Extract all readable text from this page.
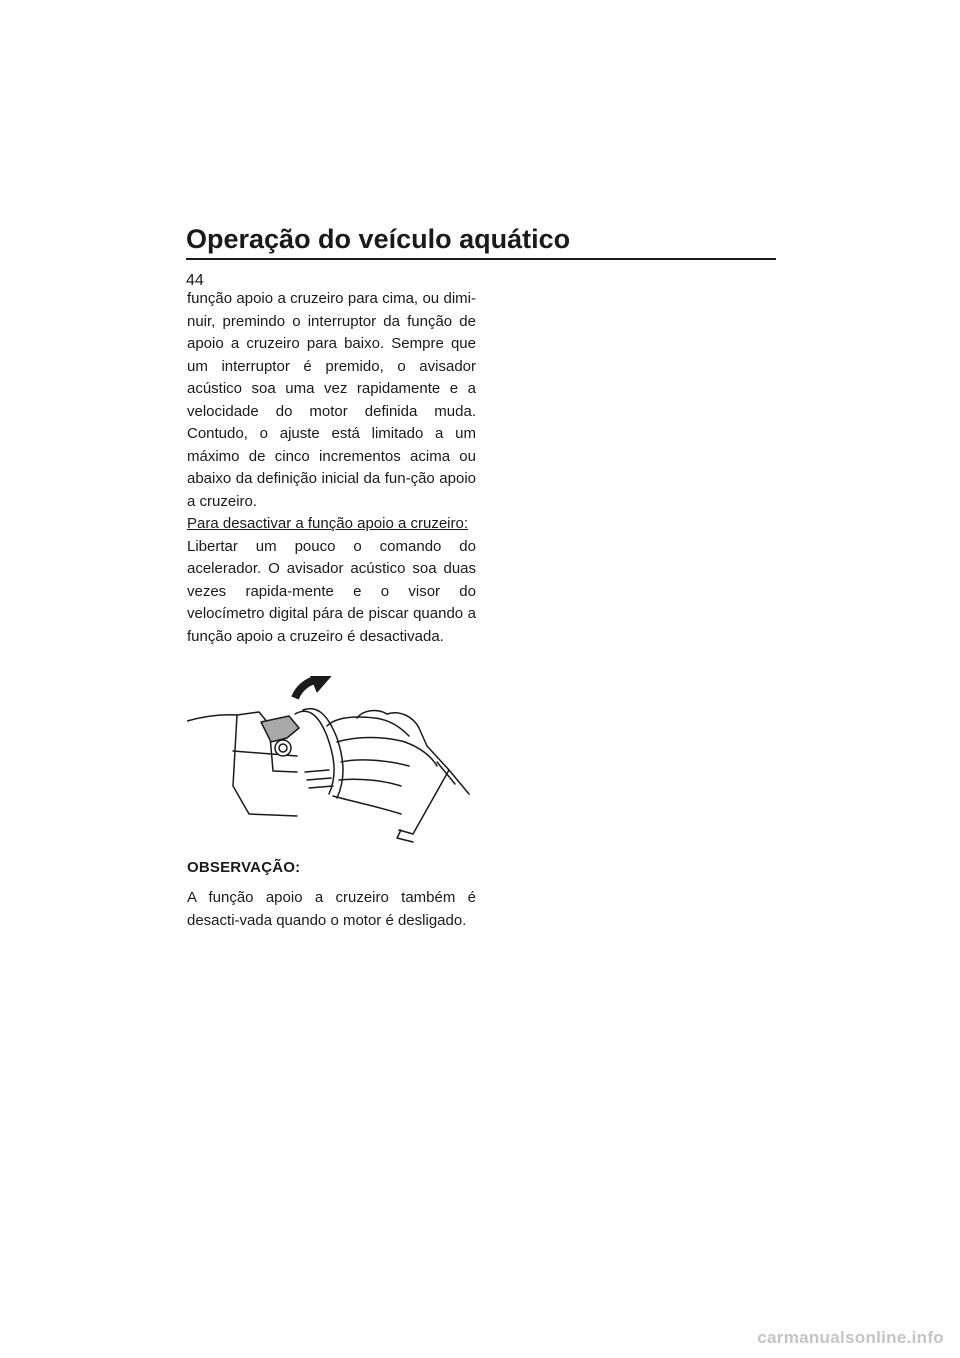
Operação do veículo aquático
44

função apoio a cruzeiro para cima, ou dimi-nuir, premindo o interruptor da função de apoio a cruzeiro para baixo. Sempre que um interruptor é premido, o avisador acústico soa uma vez rapidamente e a velocidade do motor definida muda. Contudo, o ajuste está limitado a um máximo de cinco incrementos acima ou abaixo da definição inicial da fun-ção apoio a cruzeiro.

Para desactivar a função apoio a cruzeiro:

Libertar um pouco o comando do acelerador. O avisador acústico soa duas vezes rapida-mente e o visor do velocímetro digital pára de piscar quando a função apoio a cruzeiro é desactivada.

OBSERVAÇÃO:

A função apoio a cruzeiro também é desacti-vada quando o motor é desligado.

carmanualsonline.info
